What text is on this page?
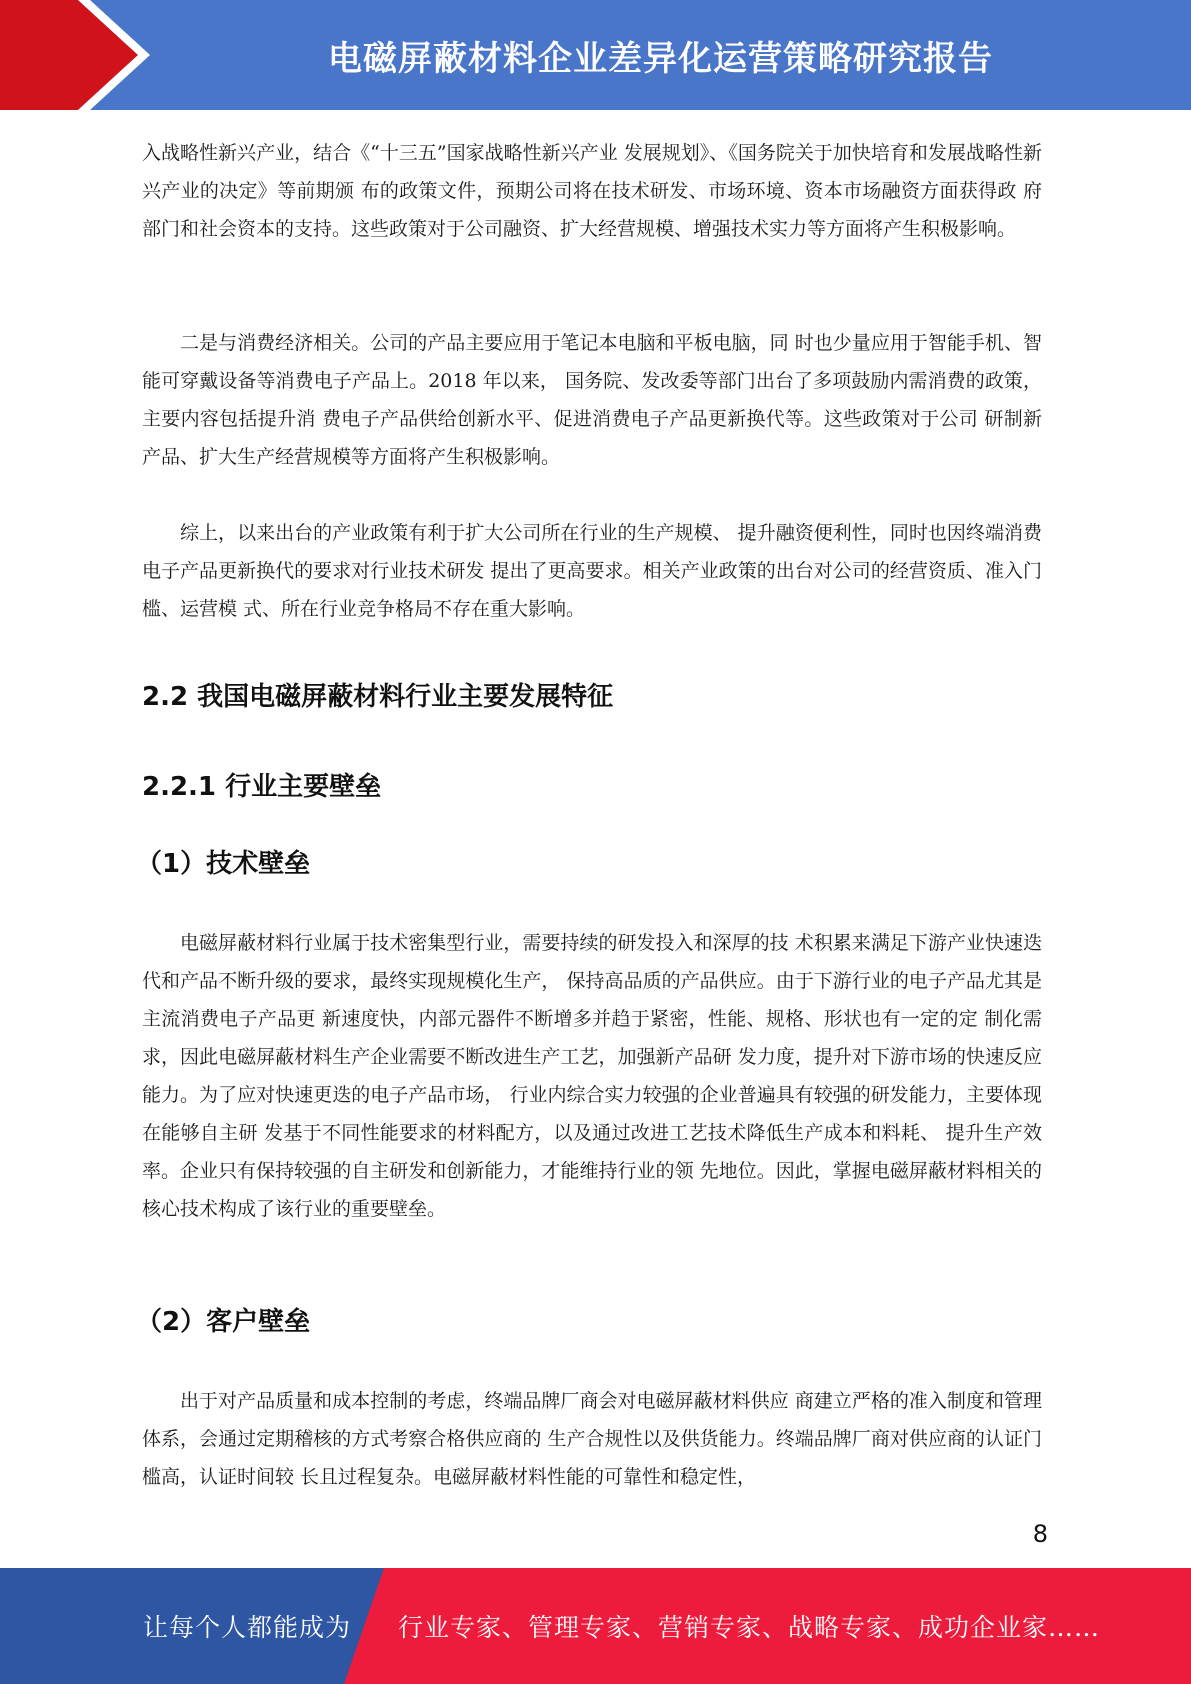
电磁屏蔽材料企业差异化运营策略研究报告

入战略性新兴产业，结合《“十三五”国家战略性新兴产业 发展规划》、《国务院关于加快培育和发展战略性新兴产业的决定》等前期颁 布的政策文件，预期公司将在技术研发、市场环境、资本市场融资方面获得政 府部门和社会资本的支持。这些政策对于公司融资、扩大经营规模、增强技术实力等方面将产生积极影响。

二是与消费经济相关。公司的产品主要应用于笔记本电脑和平板电脑，同 时也少量应用于智能手机、智能可穿戴设备等消费电子产品上。2018 年以来， 国务院、发改委等部门出台了多项鼓励内需消费的政策，主要内容包括提升消 费电子产品供给创新水平、促进消费电子产品更新换代等。这些政策对于公司 研制新产品、扩大生产经营规模等方面将产生积极影响。

综上，以来出台的产业政策有利于扩大公司所在行业的生产规模、 提升融资便利性，同时也因终端消费电子产品更新换代的要求对行业技术研发 提出了更高要求。相关产业政策的出台对公司的经营资质、准入门槛、运营模 式、所在行业竞争格局不存在重大影响。

2.2 我国电磁屏蔽材料行业主要发展特征
2.2.1 行业主要壁垒
（1）技术壁垒

电磁屏蔽材料行业属于技术密集型行业，需要持续的研发投入和深厚的技 术积累来满足下游产业快速迭代和产品不断升级的要求，最终实现规模化生产， 保持高品质的产品供应。由于下游行业的电子产品尤其是主流消费电子产品更 新速度快，内部元器件不断增多并趋于紧密，性能、规格、形状也有一定的定 制化需求，因此电磁屏蔽材料生产企业需要不断改进生产工艺，加强新产品研 发力度，提升对下游市场的快速反应能力。为了应对快速更迭的电子产品市场， 行业内综合实力较强的企业普遍具有较强的研发能力，主要体现在能够自主研 发基于不同性能要求的材料配方，以及通过改进工艺技术降低生产成本和料耗、 提升生产效率。企业只有保持较强的自主研发和创新能力，才能维持行业的领 先地位。因此，掌握电磁屏蔽材料相关的核心技术构成了该行业的重要壁垒。

（2）客户壁垒

出于对产品质量和成本控制的考虑，终端品牌厂商会对电磁屏蔽材料供应 商建立严格的准入制度和管理体系，会通过定期稽核的方式考察合格供应商的 生产合规性以及供货能力。终端品牌厂商对供应商的认证门槛高，认证时间较 长且过程复杂。电磁屏蔽材料性能的可靠性和稳定性，

8
让每个人都能成为 行业专家、管理专家、营销专家、战略专家、成功企业家……
